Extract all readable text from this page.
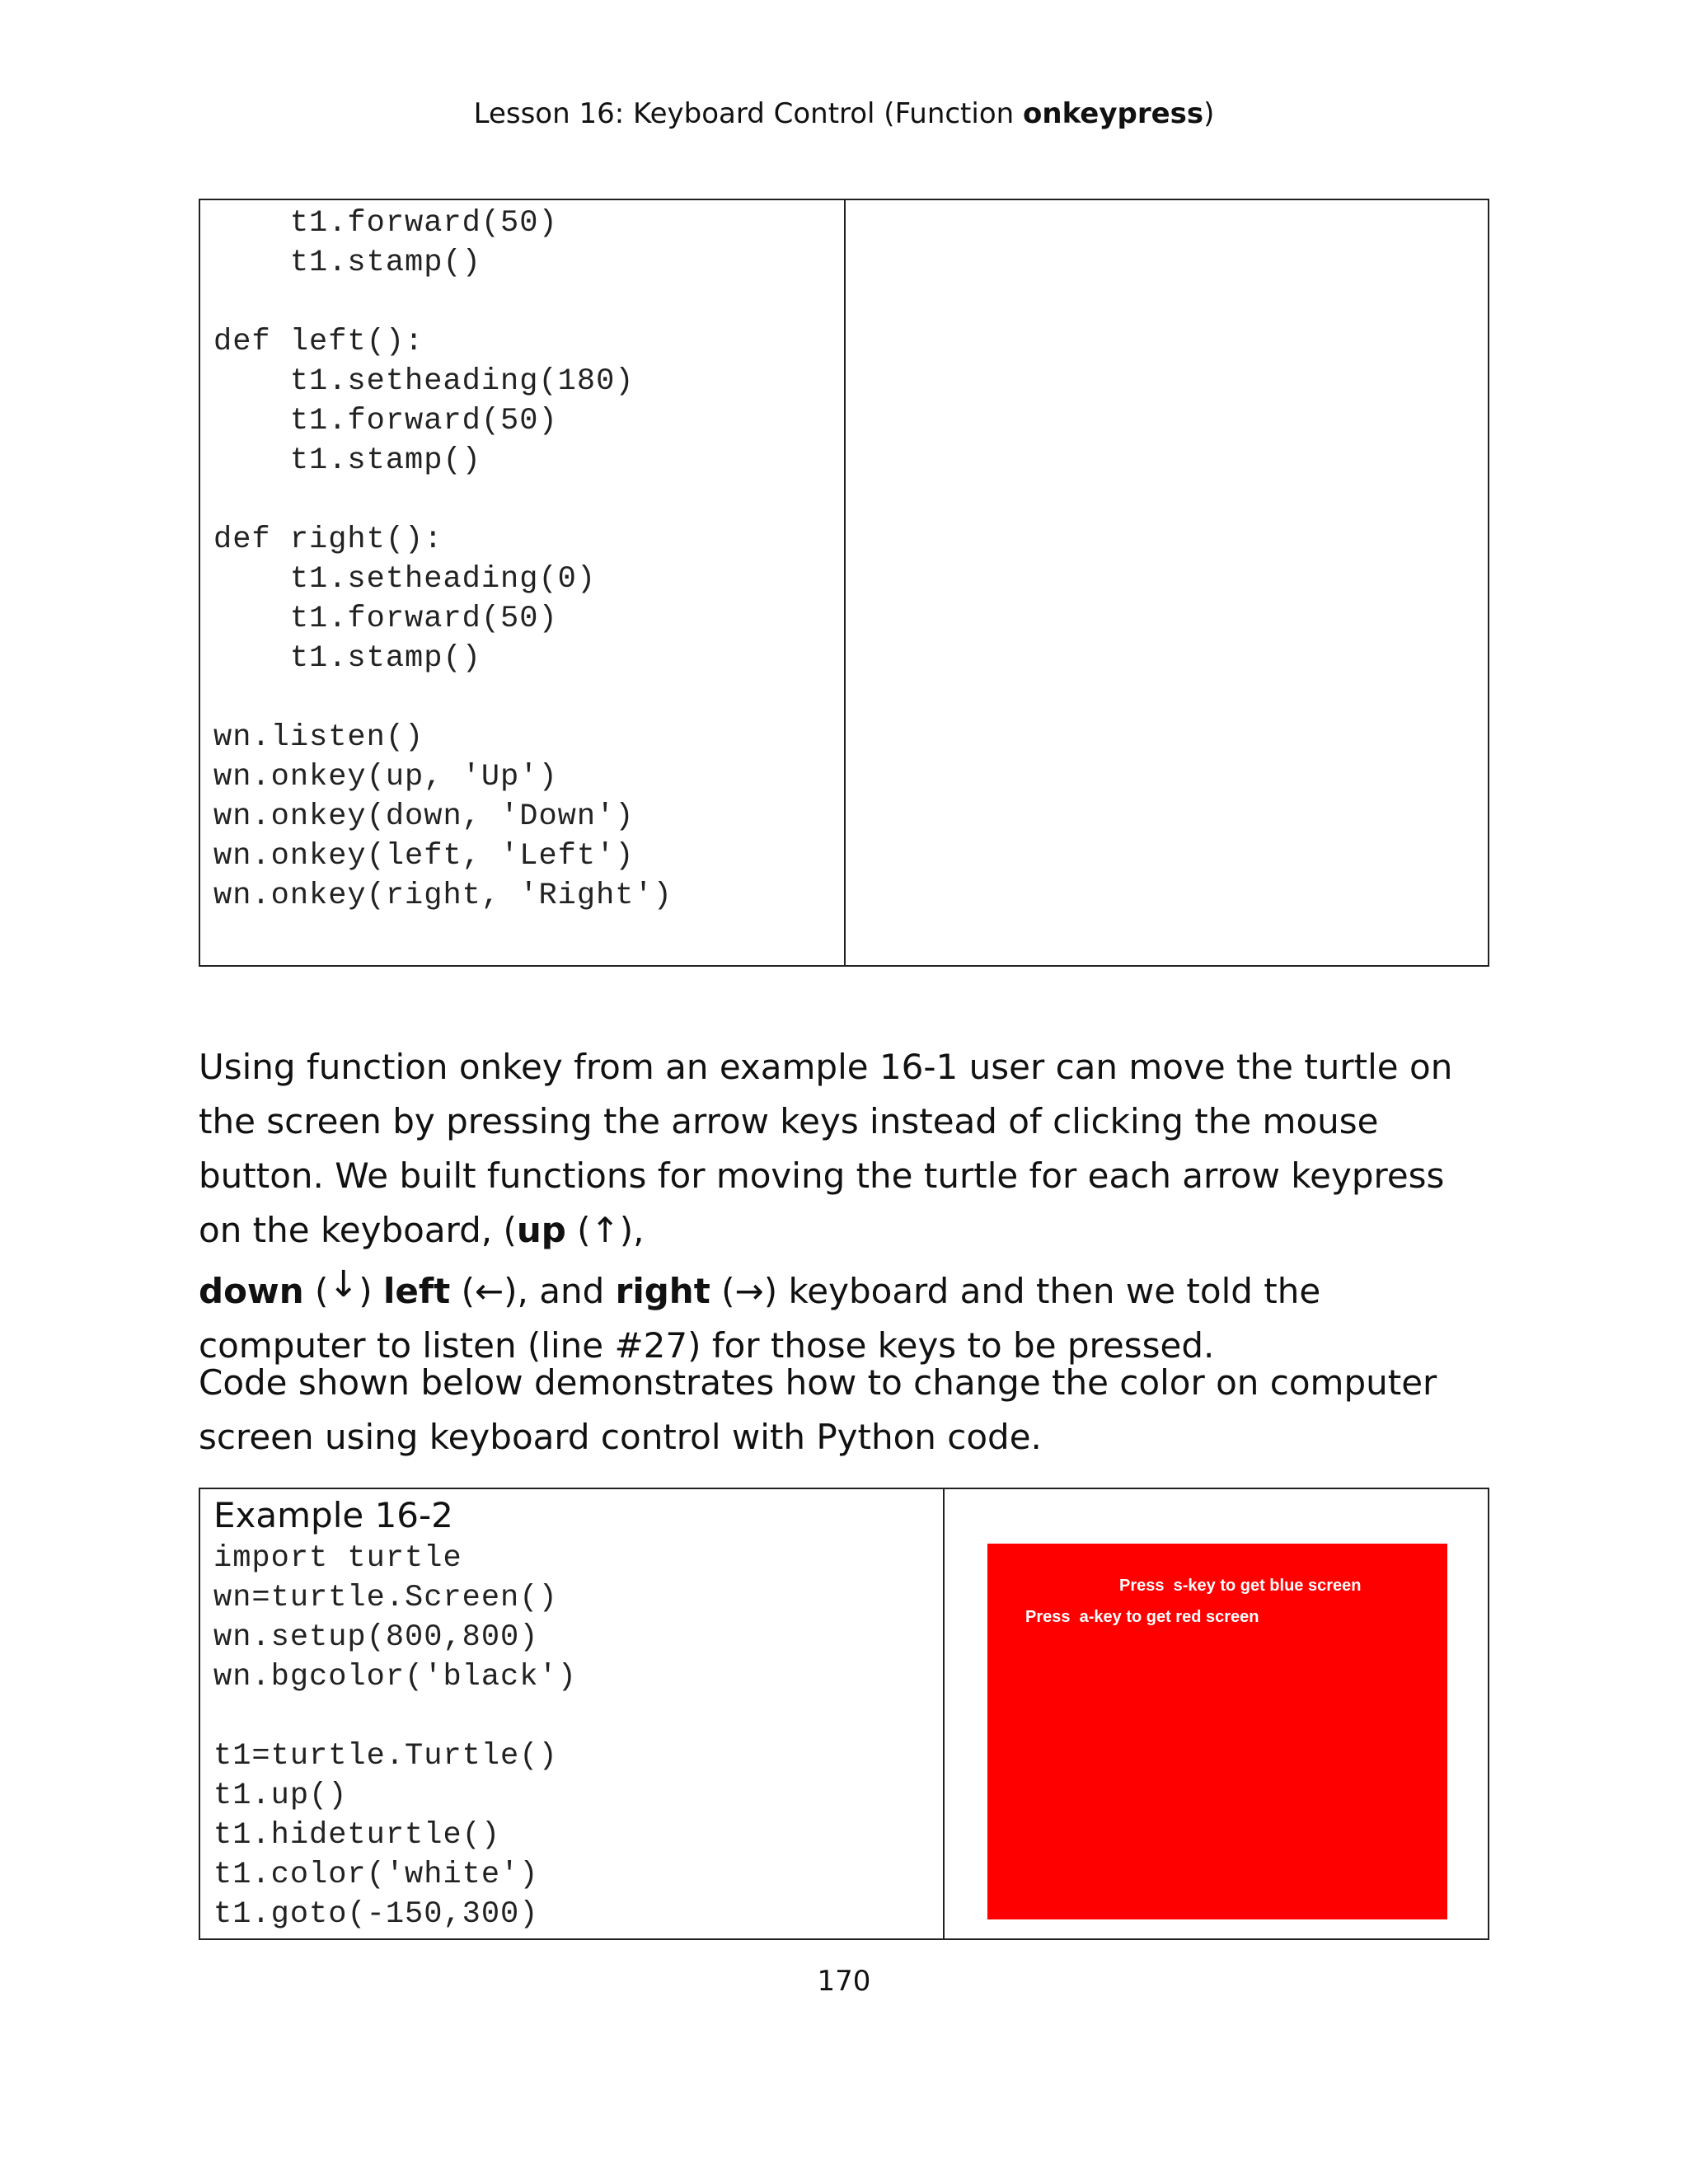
Lesson 16: Keyboard Control (Function onkeypress)
t1.forward(50)
t1.stamp()

def left():
t1.setheading(180)
t1.forward(50)
t1.stamp()

def right():
t1.setheading(0)
t1.forward(50)
t1.stamp()

wn.listen()
wn.onkey(up, 'Up')
wn.onkey(down, 'Down')
wn.onkey(left, 'Left')
wn.onkey(right, 'Right')
Using function onkey from an example 16-1 user can move the turtle on the screen by pressing the arrow keys instead of clicking the mouse button. We built functions for moving the turtle for each arrow keypress on the keyboard, (up (↑),
down (↓) left (←), and right (→) keyboard and then we told the computer to listen (line #27) for those keys to be pressed.
Code shown below demonstrates how to change the color on computer screen using keyboard control with Python code.
Example 16-2
import turtle
wn=turtle.Screen()
wn.setup(800,800)
wn.bgcolor('black')

t1=turtle.Turtle()
t1.up()
t1.hideturtle()
t1.color('white')
t1.goto(-150,300)
Press  s-key to get blue screen
Press  a-key to get red screen
170
